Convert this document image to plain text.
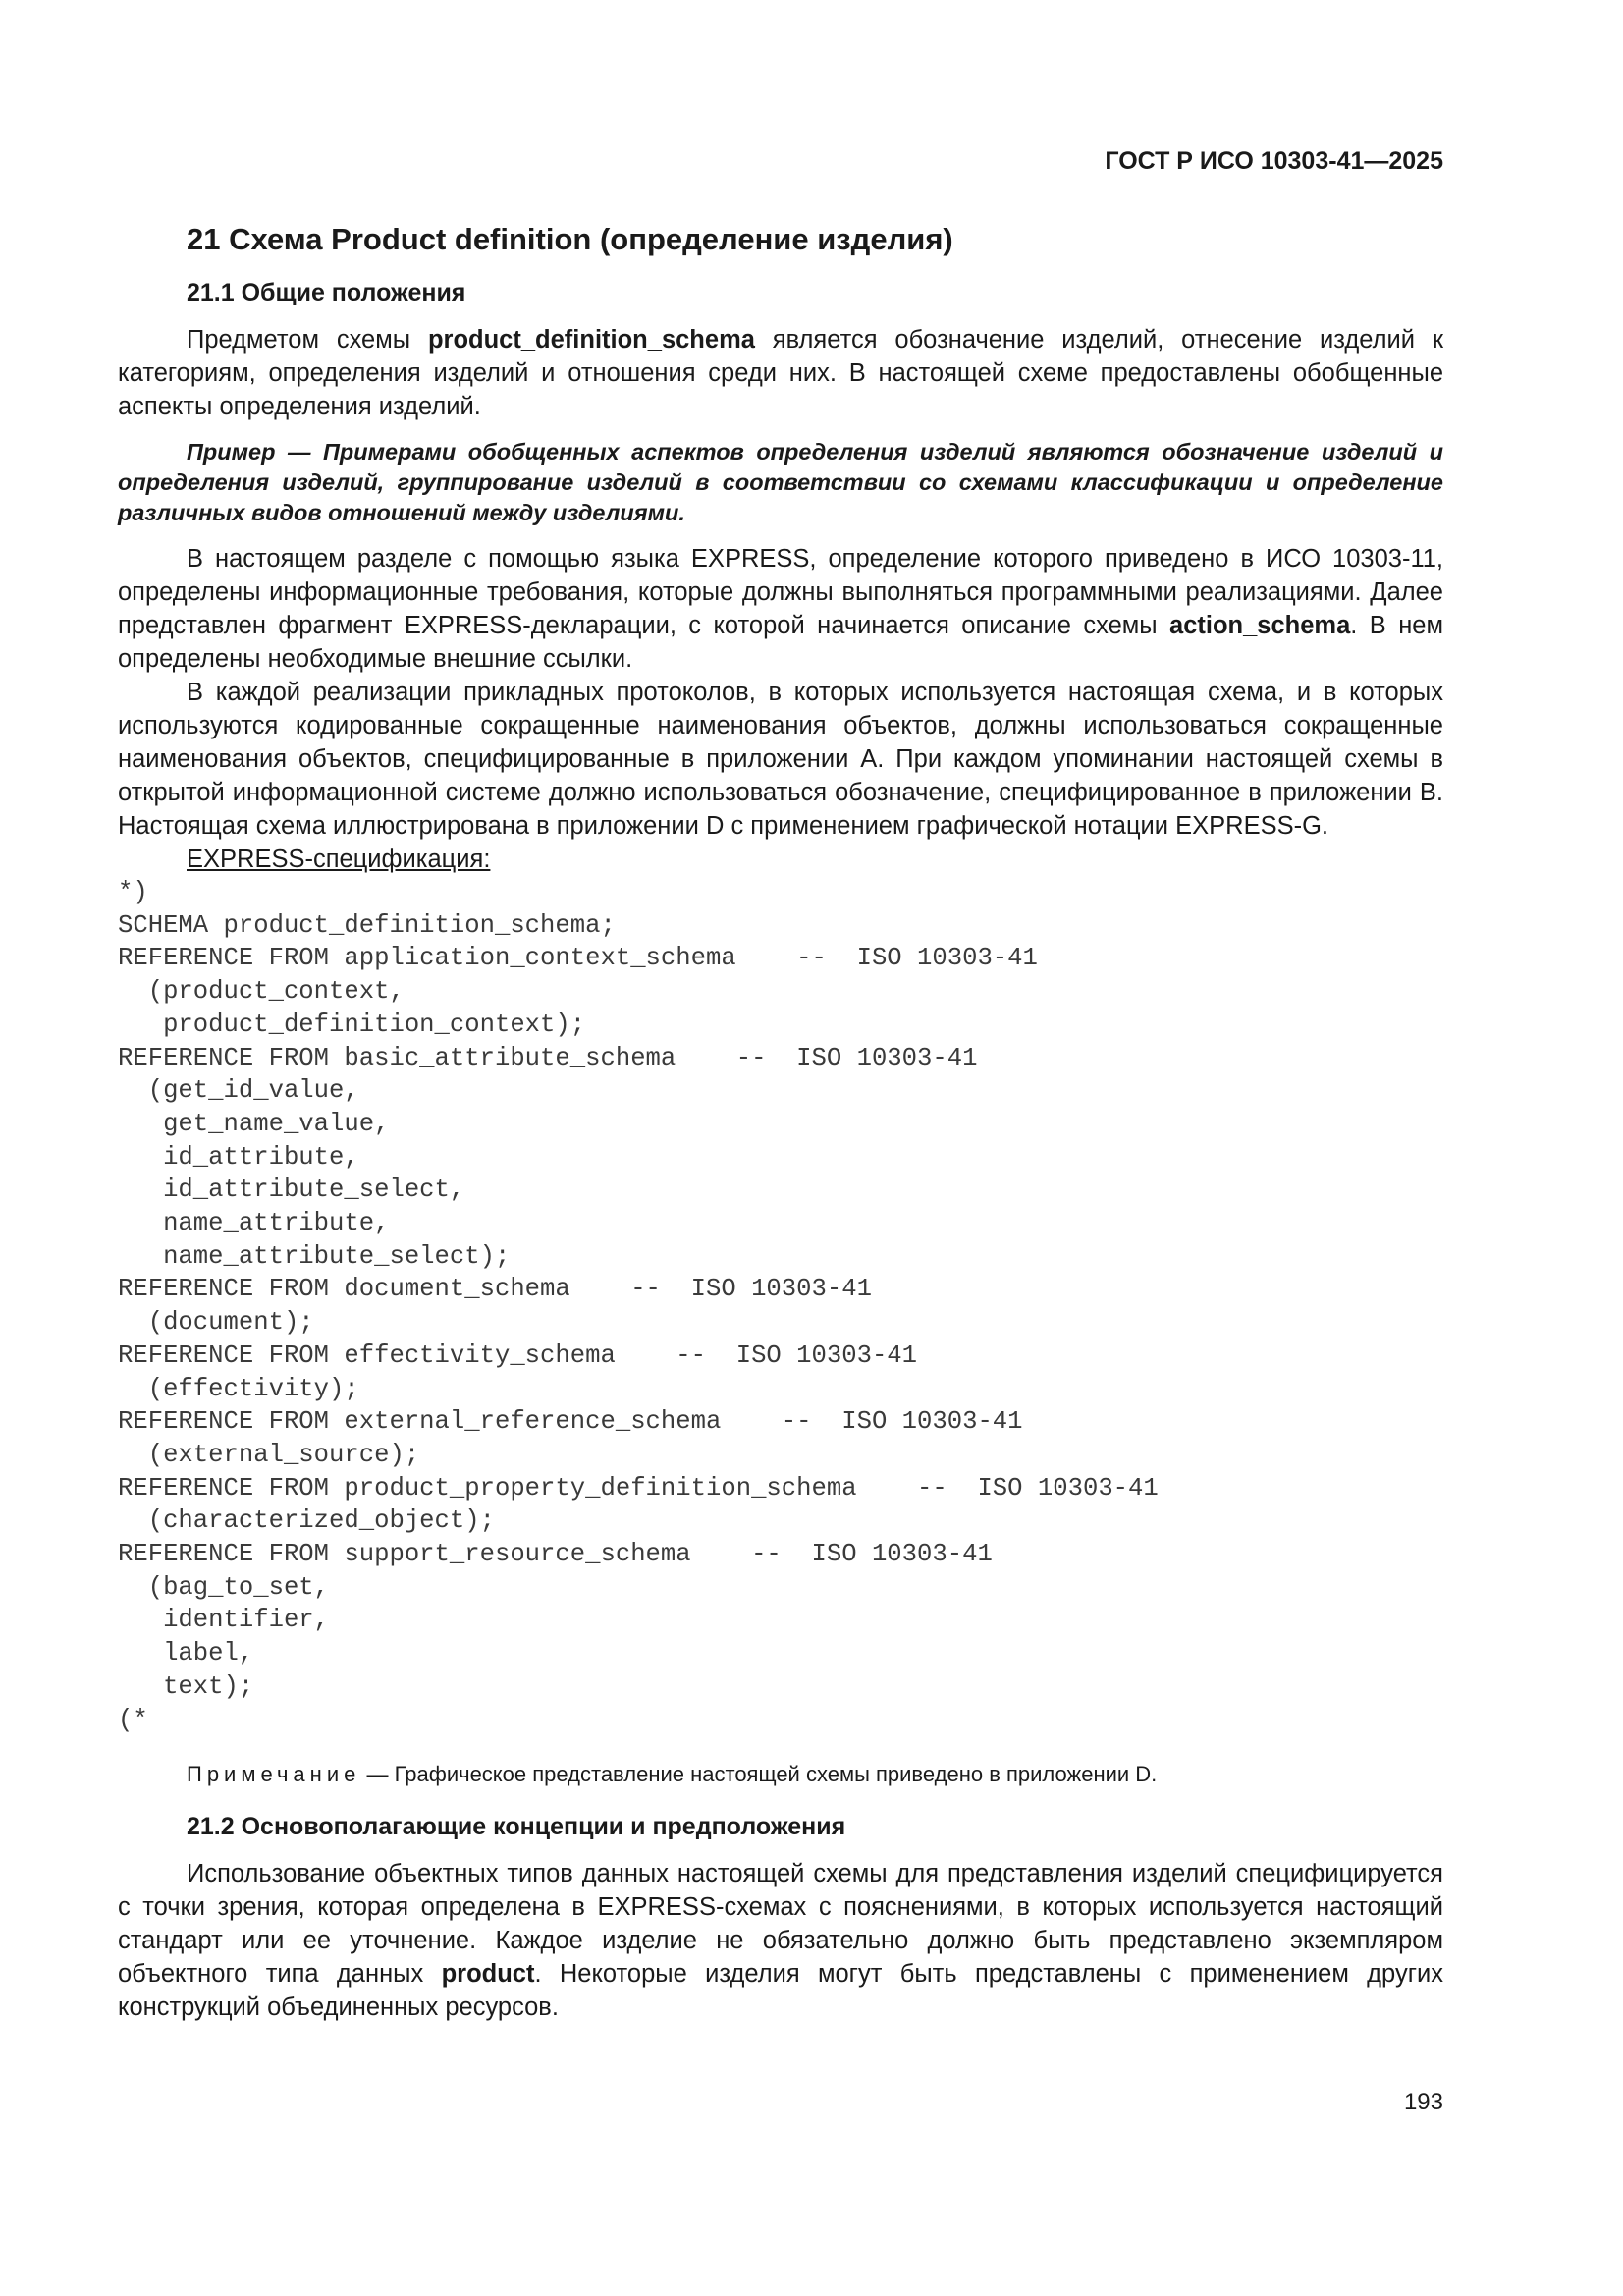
ГОСТ Р ИСО 10303-41—2025
21 Схема Product definition (определение изделия)
21.1 Общие положения

Предметом схемы product_definition_schema является обозначение изделий, отнесение изделий к категориям, определения изделий и отношения среди них. В настоящей схеме предоставлены обобщенные аспекты определения изделий.

Пример — Примерами обобщенных аспектов определения изделий являются обозначение изделий и определения изделий, группирование изделий в соответствии со схемами классификации и определение различных видов отношений между изделиями.

В настоящем разделе с помощью языка EXPRESS, определение которого приведено в ИСО 10303-11, определены информационные требования, которые должны выполняться программными реализациями. Далее представлен фрагмент EXPRESS-декларации, с которой начинается описание схемы action_schema. В нем определены необходимые внешние ссылки.

В каждой реализации прикладных протоколов, в которых используется настоящая схема, и в которых используются кодированные сокращенные наименования объектов, должны использоваться сокращенные наименования объектов, специфицированные в приложении А. При каждом упоминании настоящей схемы в открытой информационной системе должно использоваться обозначение, специфицированное в приложении В. Настоящая схема иллюстрирована в приложении D с применением графической нотации EXPRESS-G.

EXPRESS-спецификация:
*)
SCHEMA product_definition_schema;
REFERENCE FROM application_context_schema    --  ISO 10303-41
(product_context,
product_definition_context);
REFERENCE FROM basic_attribute_schema    --  ISO 10303-41
(get_id_value,
get_name_value,
id_attribute,
id_attribute_select,
name_attribute,
name_attribute_select);
REFERENCE FROM document_schema    --  ISO 10303-41
(document);
REFERENCE FROM effectivity_schema    --  ISO 10303-41
(effectivity);
REFERENCE FROM external_reference_schema    --  ISO 10303-41
(external_source);
REFERENCE FROM product_property_definition_schema    --  ISO 10303-41
(characterized_object);
REFERENCE FROM support_resource_schema    --  ISO 10303-41
(bag_to_set,
identifier,
label,
text);
(*

Примечание — Графическое представление настоящей схемы приведено в приложении D.

21.2 Основополагающие концепции и предположения

Использование объектных типов данных настоящей схемы для представления изделий специфицируется с точки зрения, которая определена в EXPRESS-схемах с пояснениями, в которых используется настоящий стандарт или ее уточнение. Каждое изделие не обязательно должно быть представлено экземпляром объектного типа данных product. Некоторые изделия могут быть представлены с применением других конструкций объединенных ресурсов.

193
